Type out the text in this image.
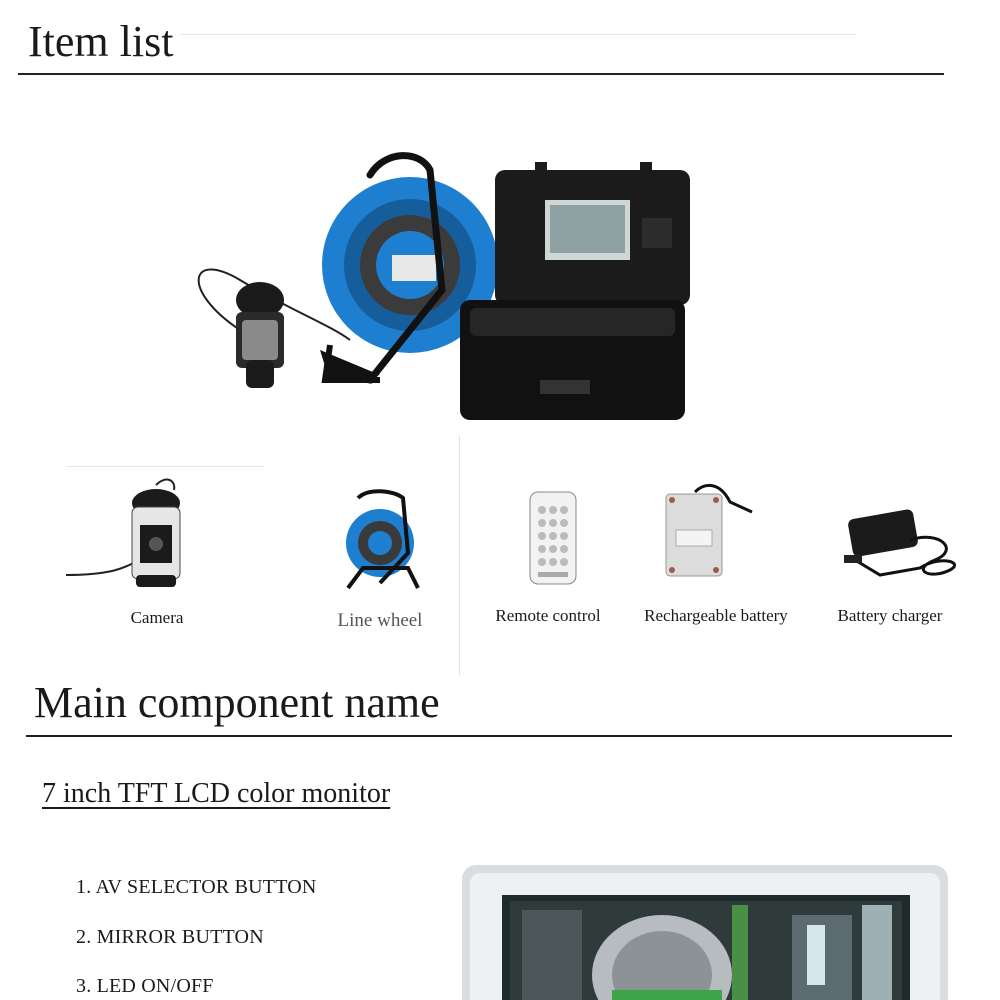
Item list
Camera	Line wheel	Remote control	Rechargeable battery	Battery charger
Main component name
7 inch TFT LCD color monitor
1. AV SELECTOR BUTTON
2. MIRROR BUTTON
3. LED ON/OFF
